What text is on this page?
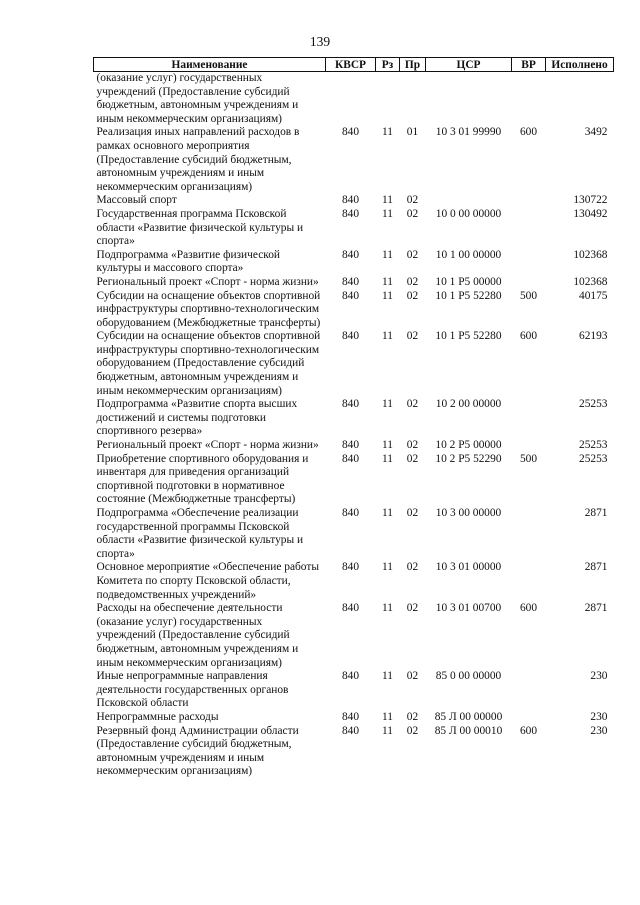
139
Наименование	КВСР	Рз	Пр	ЦСР	ВР	Исполнено
(оказание услуг) государственных учреждений (Предоставление субсидий бюджетным, автономным учреждениям и иным некоммерческим организациям)						
Реализация иных направлений расходов в рамках основного мероприятия (Предоставление субсидий бюджетным, автономным учреждениям и иным некоммерческим организациям)	840	11	01	10 3 01 99990	600	3492
Массовый спорт	840	11	02			130722
Государственная программа Псковской области «Развитие физической культуры и спорта»	840	11	02	10 0 00 00000		130492
Подпрограмма «Развитие физической культуры и массового спорта»	840	11	02	10 1 00 00000		102368
Региональный проект «Спорт - норма жизни»	840	11	02	10 1 Р5 00000		102368
Субсидии на оснащение объектов спортивной инфраструктуры спортивно-технологическим оборудованием (Межбюджетные трансферты)	840	11	02	10 1 Р5 52280	500	40175
Субсидии на оснащение объектов спортивной инфраструктуры спортивно-технологическим оборудованием (Предоставление субсидий бюджетным, автономным учреждениям и иным некоммерческим организациям)	840	11	02	10 1 Р5 52280	600	62193
Подпрограмма «Развитие спорта высших достижений и системы подготовки спортивного резерва»	840	11	02	10 2 00 00000		25253
Региональный проект «Спорт - норма жизни»	840	11	02	10 2 Р5 00000		25253
Приобретение спортивного оборудования и инвентаря для приведения организаций спортивной подготовки в нормативное состояние (Межбюджетные трансферты)	840	11	02	10 2 Р5 52290	500	25253
Подпрограмма «Обеспечение реализации государственной программы Псковской области «Развитие физической культуры и спорта»	840	11	02	10 3 00 00000		2871
Основное мероприятие «Обеспечение работы Комитета по спорту Псковской области, подведомственных учреждений»	840	11	02	10 3 01 00000		2871
Расходы на обеспечение деятельности (оказание услуг) государственных учреждений (Предоставление субсидий бюджетным, автономным учреждениям и иным некоммерческим организациям)	840	11	02	10 3 01 00700	600	2871
Иные непрограммные направления деятельности государственных органов Псковской области	840	11	02	85 0 00 00000		230
Непрограммные расходы	840	11	02	85 Л 00 00000		230
Резервный фонд Администрации области (Предоставление субсидий бюджетным, автономным учреждениям и иным некоммерческим организациям)	840	11	02	85 Л 00 00010	600	230
